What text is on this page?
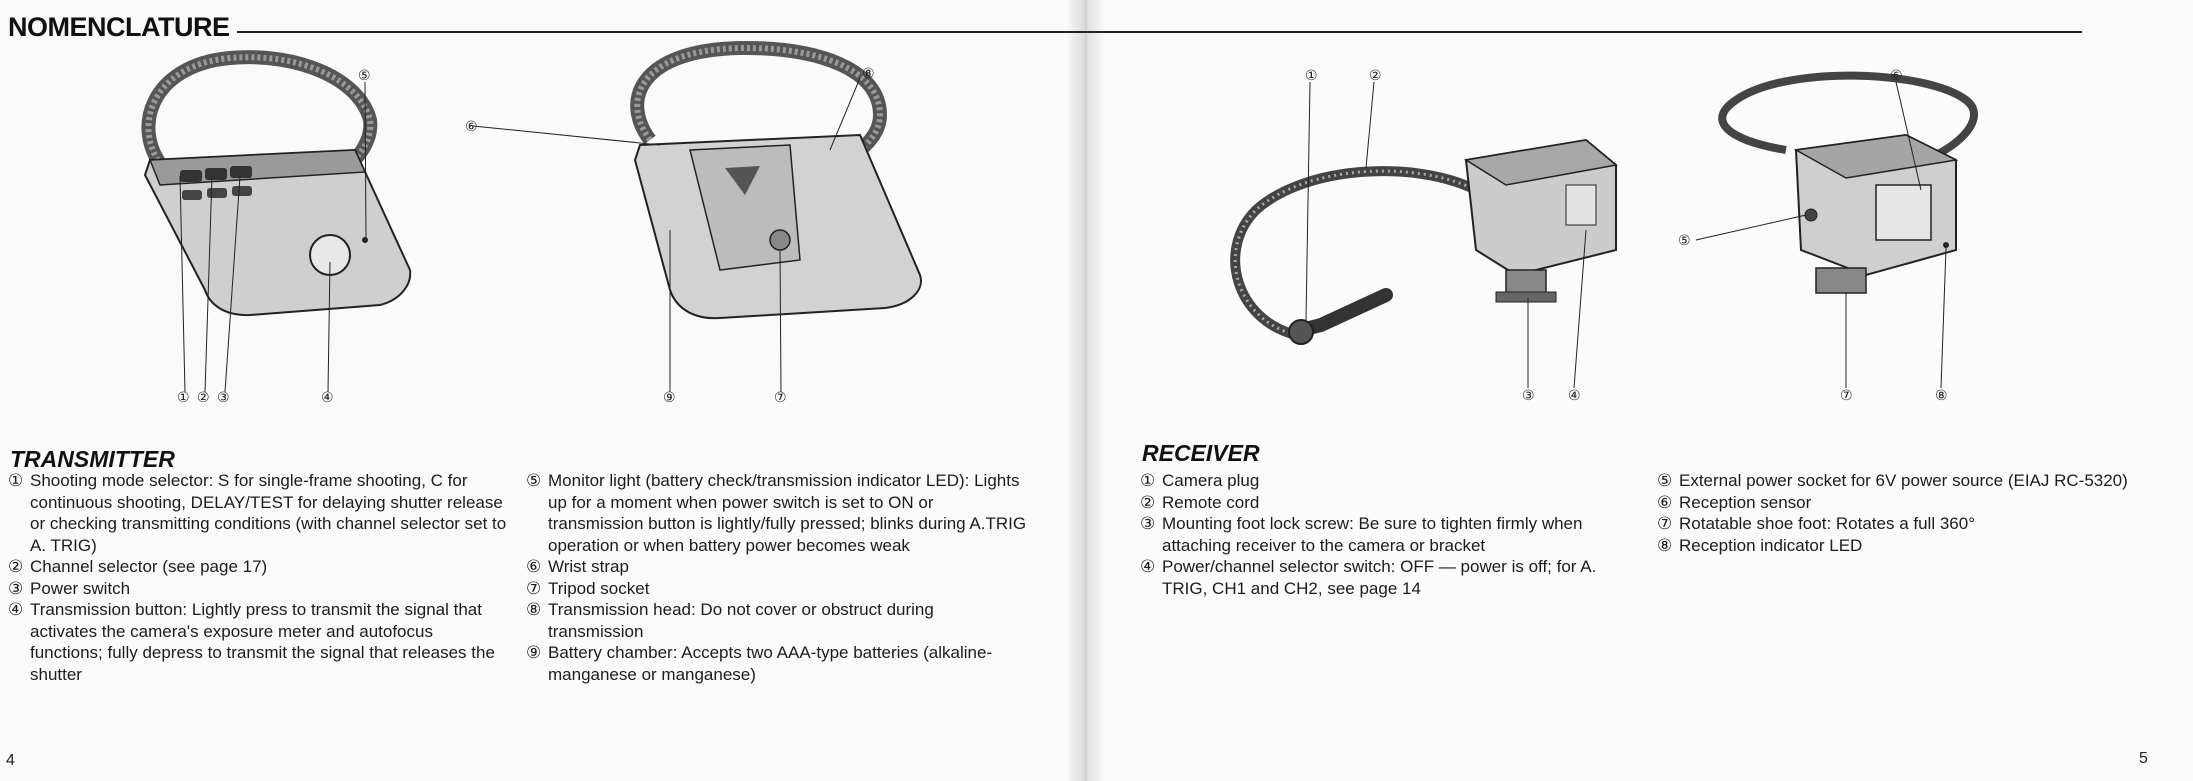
NOMENCLATURE
① ② ③	④
⑤
⑥
⑦
⑧
⑨
TRANSMITTER
① Shooting mode selector: S for single-frame shooting, C for continuous shooting, DELAY/TEST for delaying shutter release or checking transmitting conditions (with channel selector set to A. TRIG)
② Channel selector (see page 17)
③ Power switch
④ Transmission button: Lightly press to transmit the signal that activates the camera's exposure meter and autofocus functions; fully depress to transmit the signal that releases the shutter
⑤ Monitor light (battery check/transmission indicator LED): Lights up for a moment when power switch is set to ON or transmission button is lightly/fully pressed; blinks during A.TRIG operation or when battery power becomes weak
⑥ Wrist strap
⑦ Tripod socket
⑧ Transmission head: Do not cover or obstruct during transmission
⑨ Battery chamber: Accepts two AAA-type batteries (alkaline-manganese or manganese)
4
①	②
③ ④
⑤
⑥
⑦	⑧
RECEIVER
① Camera plug
② Remote cord
③ Mounting foot lock screw: Be sure to tighten firmly when attaching receiver to the camera or bracket
④ Power/channel selector switch: OFF — power is off; for A. TRIG, CH1 and CH2, see page 14
⑤ External power socket for 6V power source (EIAJ RC-5320)
⑥ Reception sensor
⑦ Rotatable shoe foot: Rotates a full 360°
⑧ Reception indicator LED
5
